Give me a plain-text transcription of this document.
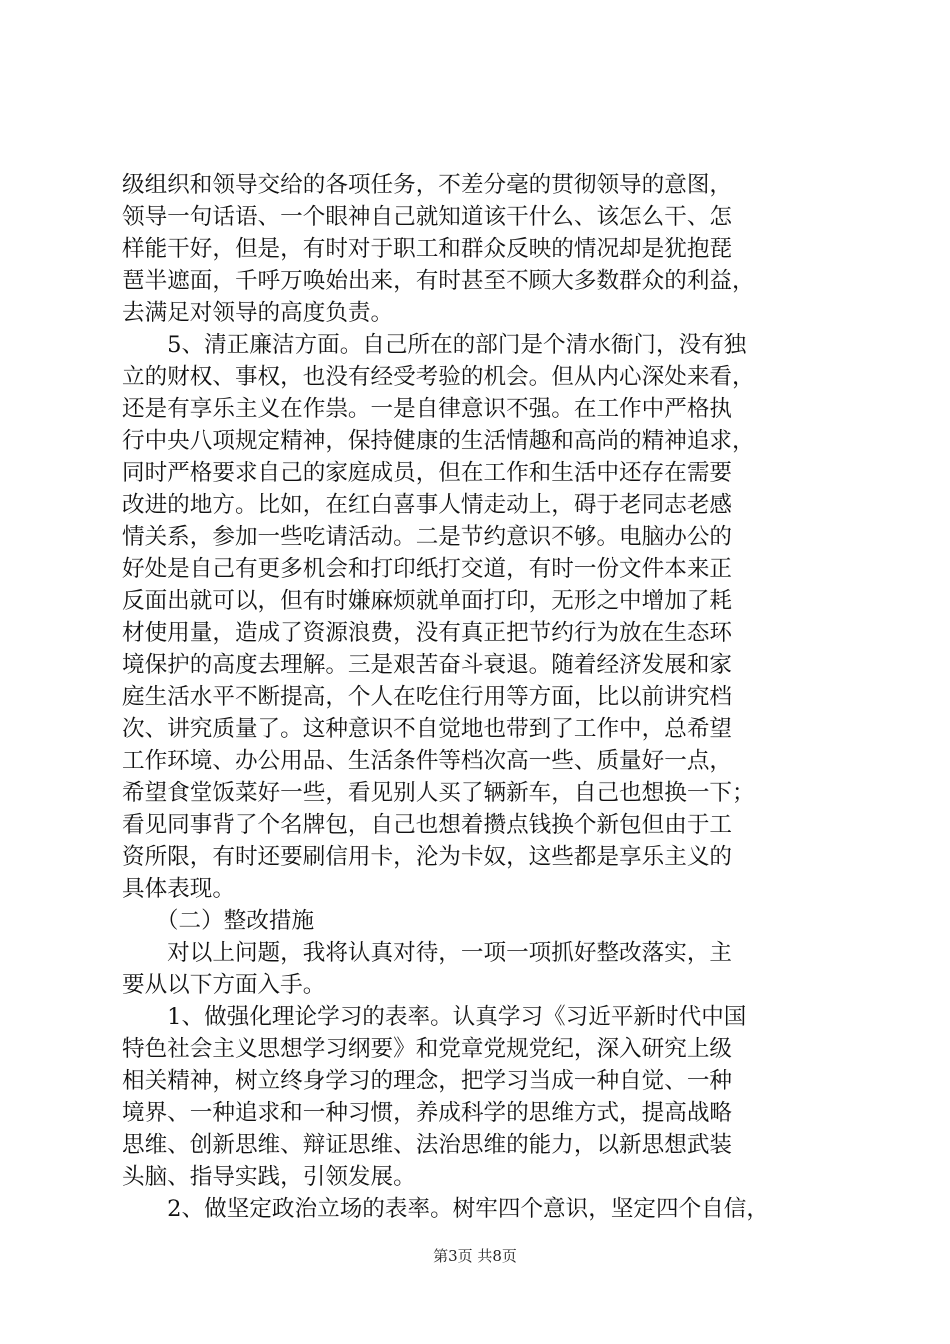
级组织和领导交给的各项任务，不差分毫的贯彻领导的意图，
领导一句话语、一个眼神自己就知道该干什么、该怎么干、怎
样能干好，但是，有时对于职工和群众反映的情况却是犹抱琵
琶半遮面，千呼万唤始出来，有时甚至不顾大多数群众的利益，
去满足对领导的高度负责。
　　5、清正廉洁方面。自己所在的部门是个清水衙门，没有独
立的财权、事权，也没有经受考验的机会。但从内心深处来看，
还是有享乐主义在作祟。一是自律意识不强。在工作中严格执
行中央八项规定精神，保持健康的生活情趣和高尚的精神追求，
同时严格要求自己的家庭成员，但在工作和生活中还存在需要
改进的地方。比如，在红白喜事人情走动上，碍于老同志老感
情关系，参加一些吃请活动。二是节约意识不够。电脑办公的
好处是自己有更多机会和打印纸打交道，有时一份文件本来正
反面出就可以，但有时嫌麻烦就单面打印，无形之中增加了耗
材使用量，造成了资源浪费，没有真正把节约行为放在生态环
境保护的高度去理解。三是艰苦奋斗衰退。随着经济发展和家
庭生活水平不断提高，个人在吃住行用等方面，比以前讲究档
次、讲究质量了。这种意识不自觉地也带到了工作中，总希望
工作环境、办公用品、生活条件等档次高一些、质量好一点，
希望食堂饭菜好一些，看见别人买了辆新车，自己也想换一下；
看见同事背了个名牌包，自己也想着攒点钱换个新包但由于工
资所限，有时还要刷信用卡，沦为卡奴，这些都是享乐主义的
具体表现。
　　（二）整改措施
　　对以上问题，我将认真对待，一项一项抓好整改落实，主
要从以下方面入手。
　　1、做强化理论学习的表率。认真学习《习近平新时代中国
特色社会主义思想学习纲要》和党章党规党纪，深入研究上级
相关精神，树立终身学习的理念，把学习当成一种自觉、一种
境界、一种追求和一种习惯，养成科学的思维方式，提高战略
思维、创新思维、辩证思维、法治思维的能力，以新思想武装
头脑、指导实践，引领发展。
　　2、做坚定政治立场的表率。树牢四个意识，坚定四个自信，
第3页 共8页
